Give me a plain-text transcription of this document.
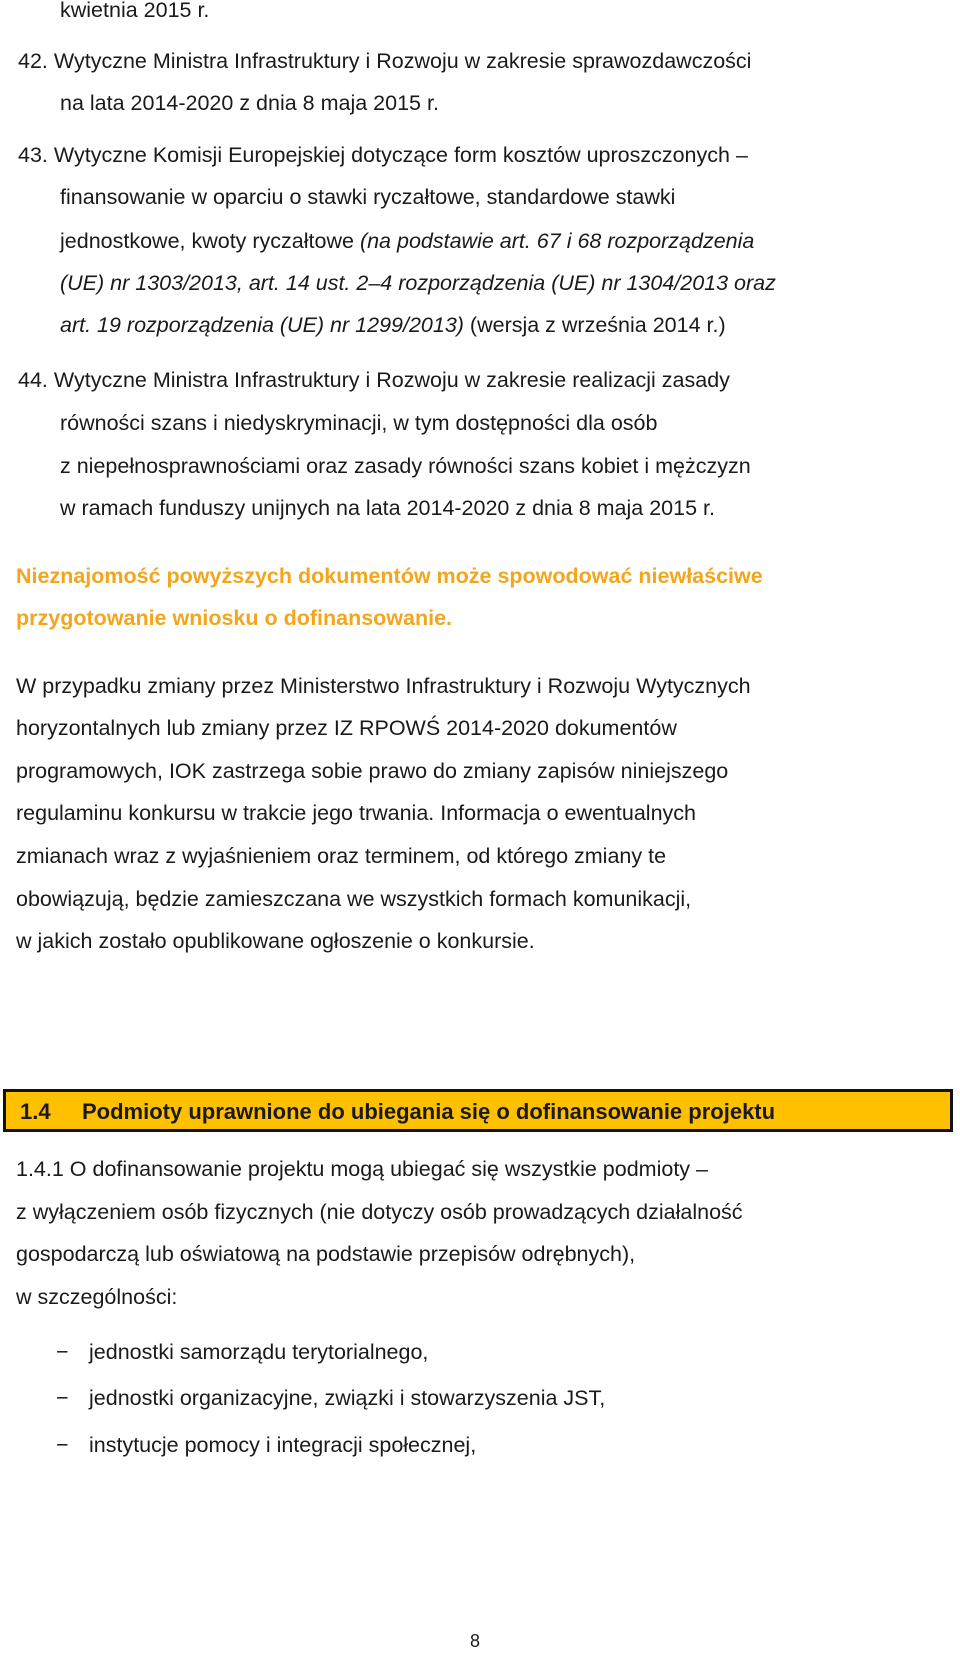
kwietnia 2015 r.
42. Wytyczne Ministra Infrastruktury i Rozwoju w zakresie sprawozdawczości
na lata 2014-2020 z dnia 8 maja 2015 r.
43. Wytyczne Komisji Europejskiej dotyczące form kosztów uproszczonych –
finansowanie w oparciu o stawki ryczałtowe, standardowe stawki
jednostkowe, kwoty ryczałtowe (na podstawie art. 67 i 68 rozporządzenia
(UE) nr 1303/2013, art. 14 ust. 2–4 rozporządzenia (UE) nr 1304/2013 oraz
art. 19 rozporządzenia (UE) nr 1299/2013) (wersja z września 2014 r.)
44. Wytyczne Ministra Infrastruktury i Rozwoju w zakresie realizacji zasady
równości szans i niedyskryminacji, w tym dostępności dla osób
z niepełnosprawnościami oraz zasady równości szans kobiet i mężczyzn
w ramach funduszy unijnych na lata 2014-2020 z dnia 8 maja 2015 r.
Nieznajomość powyższych dokumentów może spowodować niewłaściwe
przygotowanie wniosku o dofinansowanie.
W przypadku zmiany przez Ministerstwo Infrastruktury i Rozwoju Wytycznych
horyzontalnych lub zmiany przez IZ RPOWŚ 2014-2020 dokumentów
programowych, IOK zastrzega sobie prawo do zmiany zapisów niniejszego
regulaminu konkursu w trakcie jego trwania. Informacja o ewentualnych
zmianach wraz z wyjaśnieniem oraz terminem, od którego zmiany te
obowiązują, będzie zamieszczana we wszystkich formach komunikacji,
w jakich zostało opublikowane ogłoszenie o konkursie.
1.4 Podmioty uprawnione do ubiegania się o dofinansowanie projektu
1.4.1 O dofinansowanie projektu mogą ubiegać się wszystkie podmioty –
z wyłączeniem osób fizycznych (nie dotyczy osób prowadzących działalność
gospodarczą lub oświatową na podstawie przepisów odrębnych),
w szczególności:
− jednostki samorządu terytorialnego,
− jednostki organizacyjne, związki i stowarzyszenia JST,
− instytucje pomocy i integracji społecznej,
8
